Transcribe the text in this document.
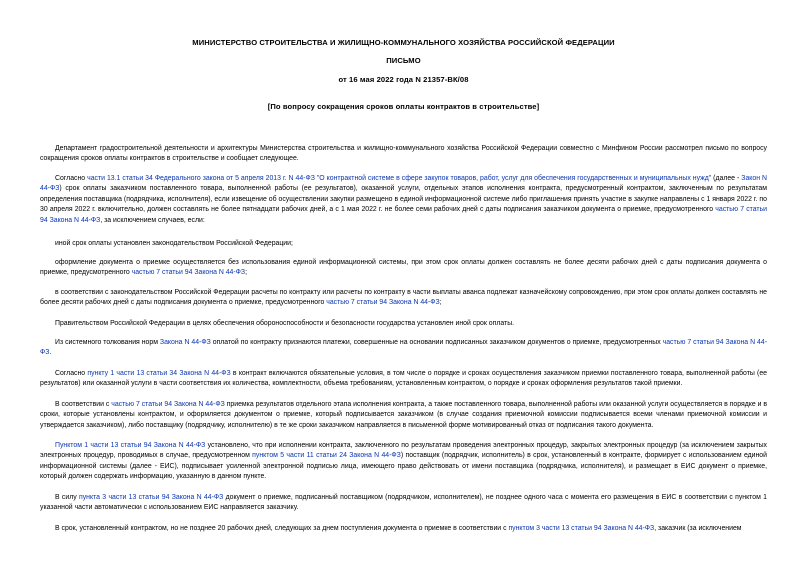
МИНИСТЕРСТВО СТРОИТЕЛЬСТВА И ЖИЛИЩНО-КОММУНАЛЬНОГО ХОЗЯЙСТВА РОССИЙСКОЙ ФЕДЕРАЦИИ
ПИСЬМО
от 16 мая 2022 года N 21357-ВК/08
[По вопросу сокращения сроков оплаты контрактов в строительстве]
Департамент градостроительной деятельности и архитектуры Министерства строительства и жилищно-коммунального хозяйства Российской Федерации совместно с Минфином России рассмотрел письмо по вопросу сокращения сроков оплаты контрактов в строительстве и сообщает следующее.
Согласно части 13.1 статьи 34 Федерального закона от 5 апреля 2013 г. N 44-ФЗ "О контрактной системе в сфере закупок товаров, работ, услуг для обеспечения государственных и муниципальных нужд" (далее - Закон N 44-ФЗ) срок оплаты заказчиком поставленного товара, выполненной работы (ее результатов), оказанной услуги, отдельных этапов исполнения контракта, предусмотренный контрактом, заключенным по результатам определения поставщика (подрядчика, исполнителя), если извещение об осуществлении закупки размещено в единой информационной системе либо приглашения принять участие в закупке направлены с 1 января 2022 г. по 30 апреля 2022 г. включительно, должен составлять не более пятнадцати рабочих дней, а с 1 мая 2022 г. не более семи рабочих дней с даты подписания заказчиком документа о приемке, предусмотренного частью 7 статьи 94 Закона N 44-ФЗ, за исключением случаев, если:
иной срок оплаты установлен законодательством Российской Федерации;
оформление документа о приемке осуществляется без использования единой информационной системы, при этом срок оплаты должен составлять не более десяти рабочих дней с даты подписания документа о приемке, предусмотренного частью 7 статьи 94 Закона N 44-ФЗ;
в соответствии с законодательством Российской Федерации расчеты по контракту или расчеты по контракту в части выплаты аванса подлежат казначейскому сопровождению, при этом срок оплаты должен составлять не более десяти рабочих дней с даты подписания документа о приемке, предусмотренного частью 7 статьи 94 Закона N 44-ФЗ;
Правительством Российской Федерации в целях обеспечения обороноспособности и безопасности государства установлен иной срок оплаты.
Из системного толкования норм Закона N 44-ФЗ оплатой по контракту признаются платежи, совершенные на основании подписанных заказчиком документов о приемке, предусмотренных частью 7 статьи 94 Закона N 44-ФЗ.
Согласно пункту 1 части 13 статьи 34 Закона N 44-ФЗ в контракт включаются обязательные условия, в том числе о порядке и сроках осуществления заказчиком приемки поставленного товара, выполненной работы (ее результатов) или оказанной услуги в части соответствия их количества, комплектности, объема требованиям, установленным контрактом, о порядке и сроках оформления результатов такой приемки.
В соответствии с частью 7 статьи 94 Закона N 44-ФЗ приемка результатов отдельного этапа исполнения контракта, а также поставленного товара, выполненной работы или оказанной услуги осуществляется в порядке и в сроки, которые установлены контрактом, и оформляется документом о приемке, который подписывается заказчиком (в случае создания приемочной комиссии подписывается всеми членами приемочной комиссии и утверждается заказчиком), либо поставщику (подрядчику, исполнителю) в те же сроки заказчиком направляется в письменной форме мотивированный отказ от подписания такого документа.
Пунктом 1 части 13 статьи 94 Закона N 44-ФЗ установлено, что при исполнении контракта, заключенного по результатам проведения электронных процедур, закрытых электронных процедур (за исключением закрытых электронных процедур, проводимых в случае, предусмотренном пунктом 5 части 11 статьи 24 Закона N 44-ФЗ) поставщик (подрядчик, исполнитель) в срок, установленный в контракте, формирует с использованием единой информационной системы (далее - ЕИС), подписывает усиленной электронной подписью лица, имеющего право действовать от имени поставщика (подрядчика, исполнителя), и размещает в ЕИС документ о приемке, который должен содержать информацию, указанную в данном пункте.
В силу пункта 3 части 13 статьи 94 Закона N 44-ФЗ документ о приемке, подписанный поставщиком (подрядчиком, исполнителем), не позднее одного часа с момента его размещения в ЕИС в соответствии с пунктом 1 указанной части автоматически с использованием ЕИС направляется заказчику.
В срок, установленный контрактом, но не позднее 20 рабочих дней, следующих за днем поступления документа о приемке в соответствии с пунктом 3 части 13 статьи 94 Закона N 44-ФЗ, заказчик (за исключением
